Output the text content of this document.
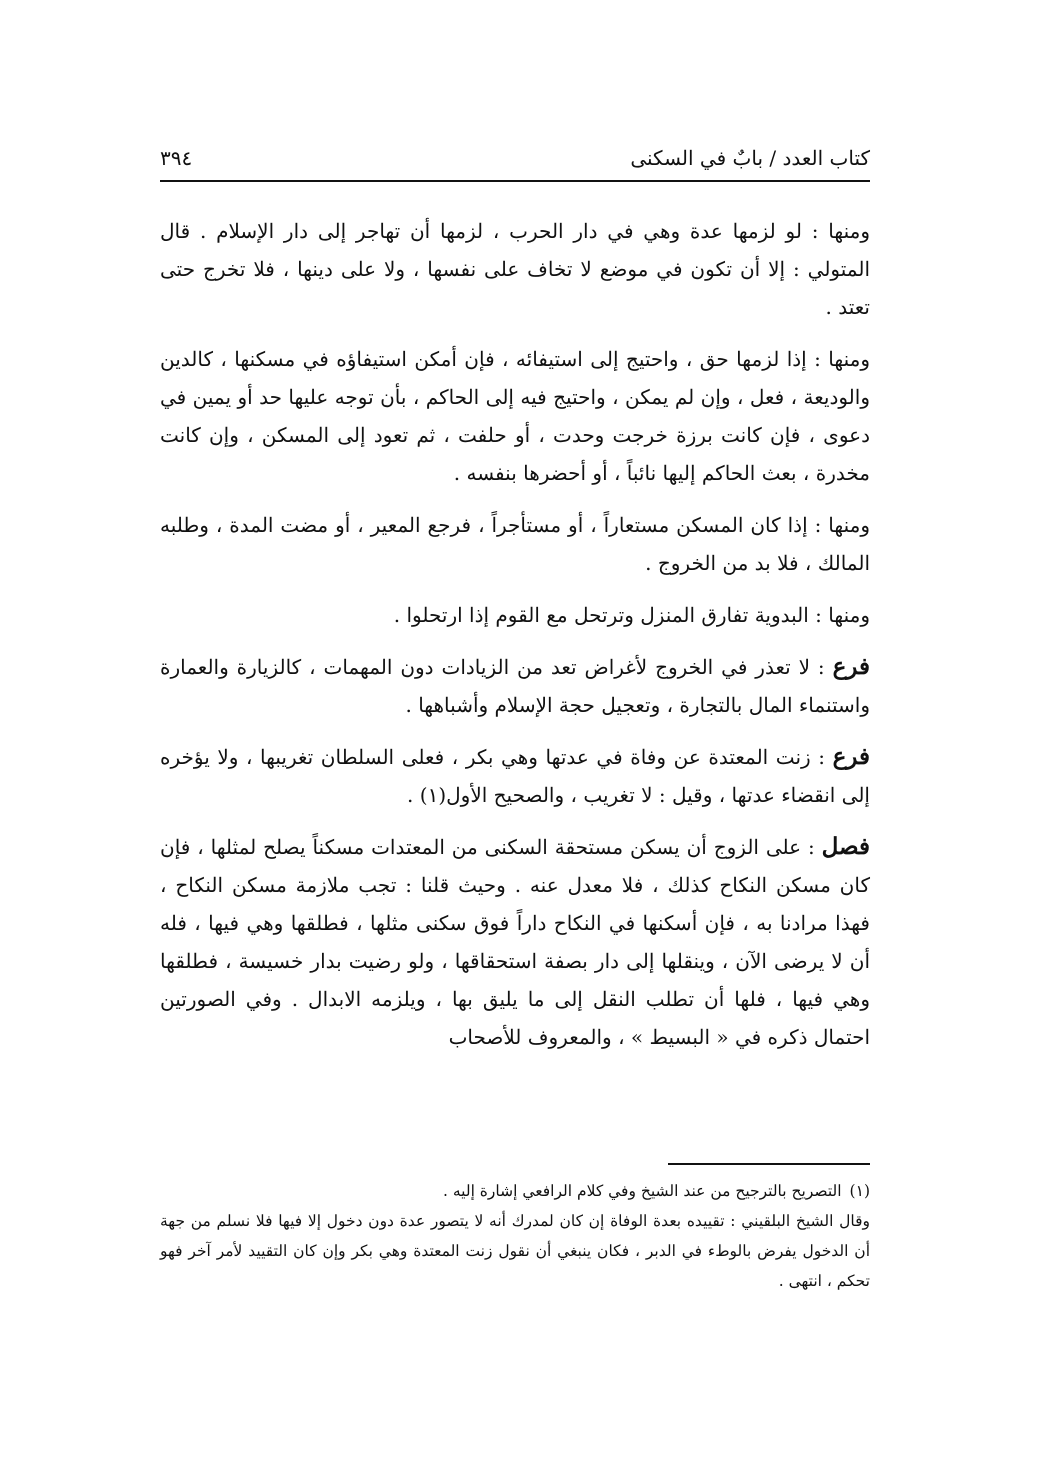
كتاب العدد / بابٌ في السكنى
٣٩٤

ومنها : لو لزمها عدة وهي في دار الحرب ، لزمها أن تهاجر إلى دار الإسلام . قال المتولي : إلا أن تكون في موضع لا تخاف على نفسها ، ولا على دينها ، فلا تخرج حتى تعتد .

ومنها : إذا لزمها حق ، واحتيج إلى استيفائه ، فإن أمكن استيفاؤه في مسكنها ، كالدين والوديعة ، فعل ، وإن لم يمكن ، واحتيج فيه إلى الحاكم ، بأن توجه عليها حد أو يمين في دعوى ، فإن كانت برزة خرجت وحدت ، أو حلفت ، ثم تعود إلى المسكن ، وإن كانت مخدرة ، بعث الحاكم إليها نائباً ، أو أحضرها بنفسه .

ومنها : إذا كان المسكن مستعاراً ، أو مستأجراً ، فرجع المعير ، أو مضت المدة ، وطلبه المالك ، فلا بد من الخروج .

ومنها : البدوية تفارق المنزل وترتحل مع القوم إذا ارتحلوا .

فرع : لا تعذر في الخروج لأغراض تعد من الزيادات دون المهمات ، كالزيارة والعمارة واستنماء المال بالتجارة ، وتعجيل حجة الإسلام وأشباهها .

فرع : زنت المعتدة عن وفاة في عدتها وهي بكر ، فعلى السلطان تغريبها ، ولا يؤخره إلى انقضاء عدتها ، وقيل : لا تغريب ، والصحيح الأول(١) .

فصل : على الزوج أن يسكن مستحقة السكنى من المعتدات مسكناً يصلح لمثلها ، فإن كان مسكن النكاح كذلك ، فلا معدل عنه . وحيث قلنا : تجب ملازمة مسكن النكاح ، فهذا مرادنا به ، فإن أسكنها في النكاح داراً فوق سكنى مثلها ، فطلقها وهي فيها ، فله أن لا يرضى الآن ، وينقلها إلى دار بصفة استحقاقها ، ولو رضيت بدار خسيسة ، فطلقها وهي فيها ، فلها أن تطلب النقل إلى ما يليق بها ، ويلزمه الابدال . وفي الصورتين احتمال ذكره في « البسيط » ، والمعروف للأصحاب

(١)التصريح بالترجيح من عند الشيخ وفي كلام الرافعي إشارة إليه .

وقال الشيخ البلقيني : تقييده بعدة الوفاة إن كان لمدرك أنه لا يتصور عدة دون دخول إلا فيها فلا نسلم من جهة أن الدخول يفرض بالوطء في الدبر ، فكان ينبغي أن نقول زنت المعتدة وهي بكر وإن كان التقييد لأمر آخر فهو تحكم ، انتهى .
